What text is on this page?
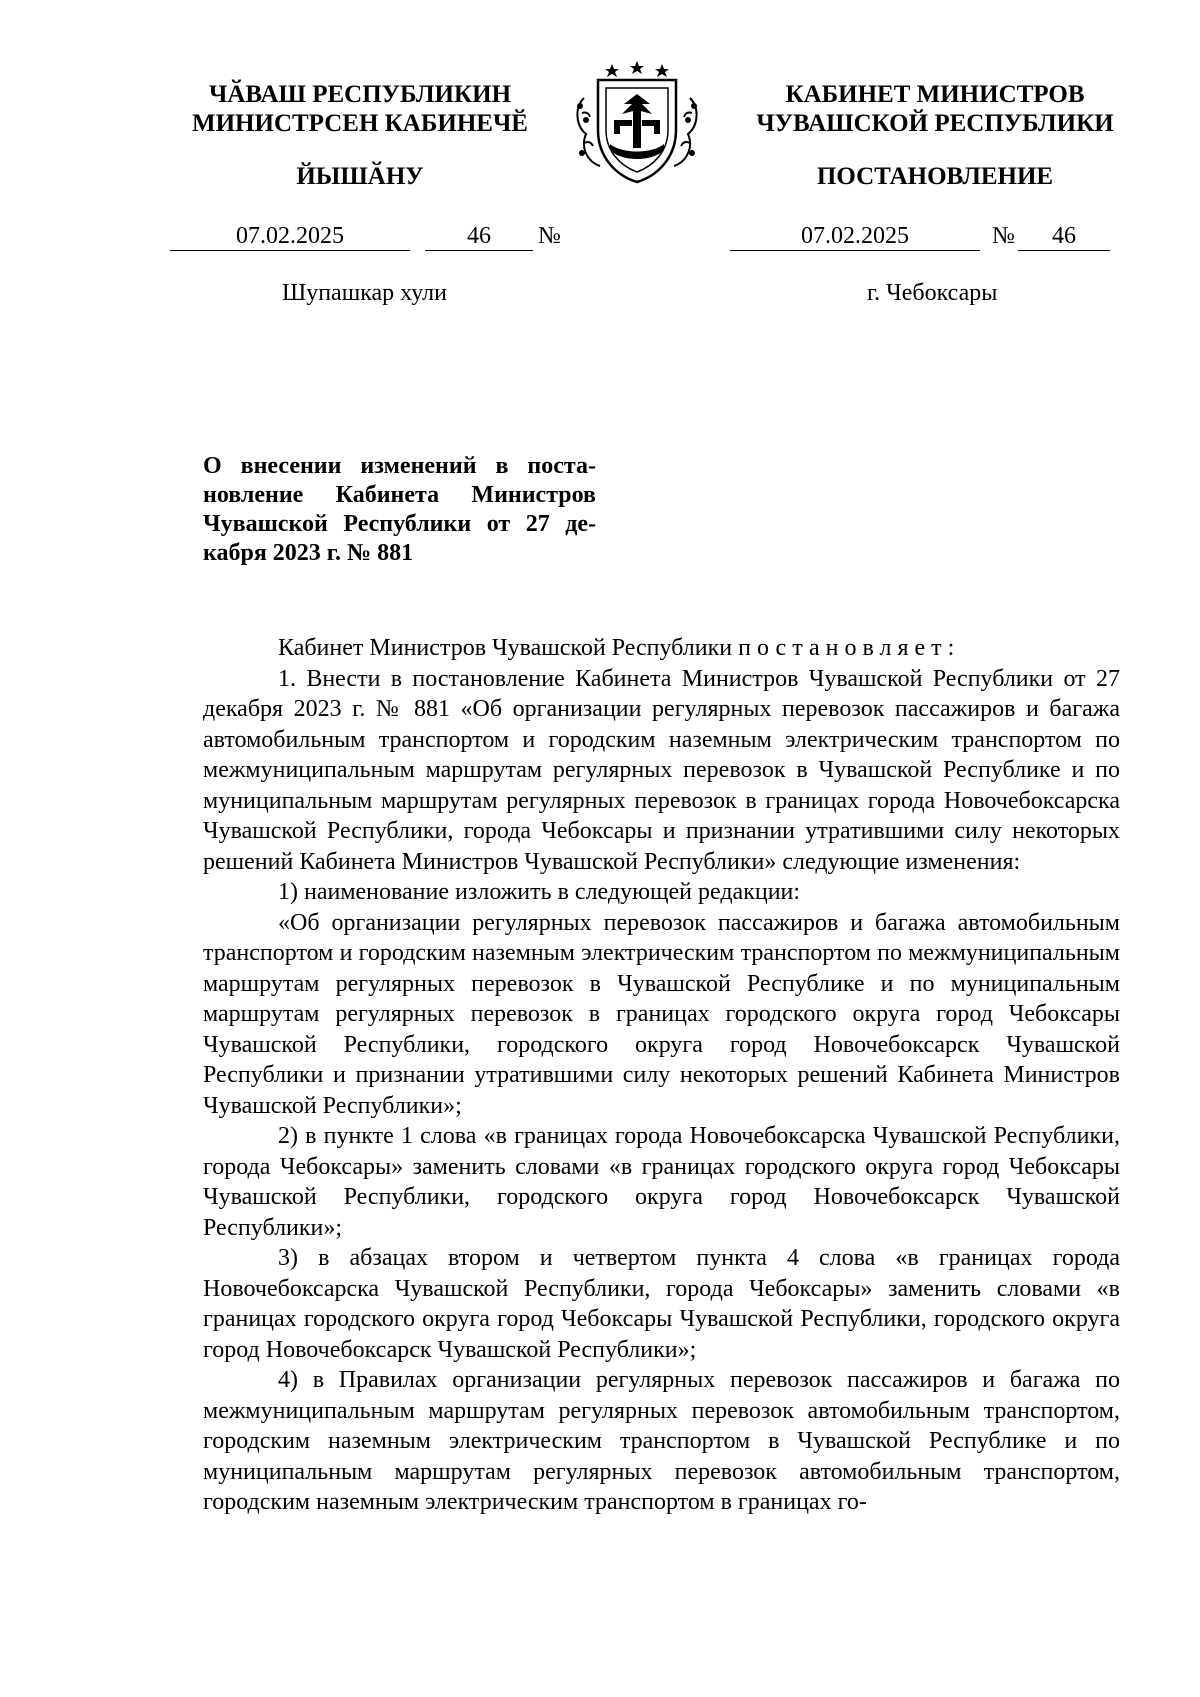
ЧӐВАШ РЕСПУБЛИКИН
МИНИСТРСЕН КАБИНЕЧӖ
ЙЫШӐНУ
КАБИНЕТ МИНИСТРОВ
ЧУВАШСКОЙ РЕСПУБЛИКИ
ПОСТАНОВЛЕНИЕ
07.02.2025	46	№	07.02.2025	№	46
Шупашкар хули	г. Чебоксары
О внесении изменений в поста-
новление Кабинета Министров
Чувашской Республики от 27 де-
кабря 2023 г. № 881

Кабинет Министров Чувашской Республики постановляет:

1. Внести в постановление Кабинета Министров Чувашской Республики от 27 декабря 2023 г. № 881 «Об организации регулярных перевозок пассажиров и багажа автомобильным транспортом и городским наземным электрическим транспортом по межмуниципальным маршрутам регулярных перевозок в Чувашской Республике и по муниципальным маршрутам регулярных перевозок в границах города Новочебоксарска Чувашской Республики, города Чебоксары и признании утратившими силу некоторых решений Кабинета Министров Чувашской Республики» следующие изменения:

1) наименование изложить в следующей редакции:

«Об организации регулярных перевозок пассажиров и багажа автомобильным транспортом и городским наземным электрическим транспортом по межмуниципальным маршрутам регулярных перевозок в Чувашской Республике и по муниципальным маршрутам регулярных перевозок в границах городского округа город Чебоксары Чувашской Республики, городского округа город Новочебоксарск Чувашской Республики и признании утратившими силу некоторых решений Кабинета Министров Чувашской Республики»;

2) в пункте 1 слова «в границах города Новочебоксарска Чувашской Республики, города Чебоксары» заменить словами «в границах городского округа город Чебоксары Чувашской Республики, городского округа город Новочебоксарск Чувашской Республики»;

3) в абзацах втором и четвертом пункта 4 слова «в границах города Новочебоксарска Чувашской Республики, города Чебоксары» заменить словами «в границах городского округа город Чебоксары Чувашской Республики, городского округа город Новочебоксарск Чувашской Республики»;

4) в Правилах организации регулярных перевозок пассажиров и багажа по межмуниципальным маршрутам регулярных перевозок автомобильным транспортом, городским наземным электрическим транспортом в Чувашской Республике и по муниципальным маршрутам регулярных перевозок автомобильным транспортом, городским наземным электрическим транспортом в границах го-
